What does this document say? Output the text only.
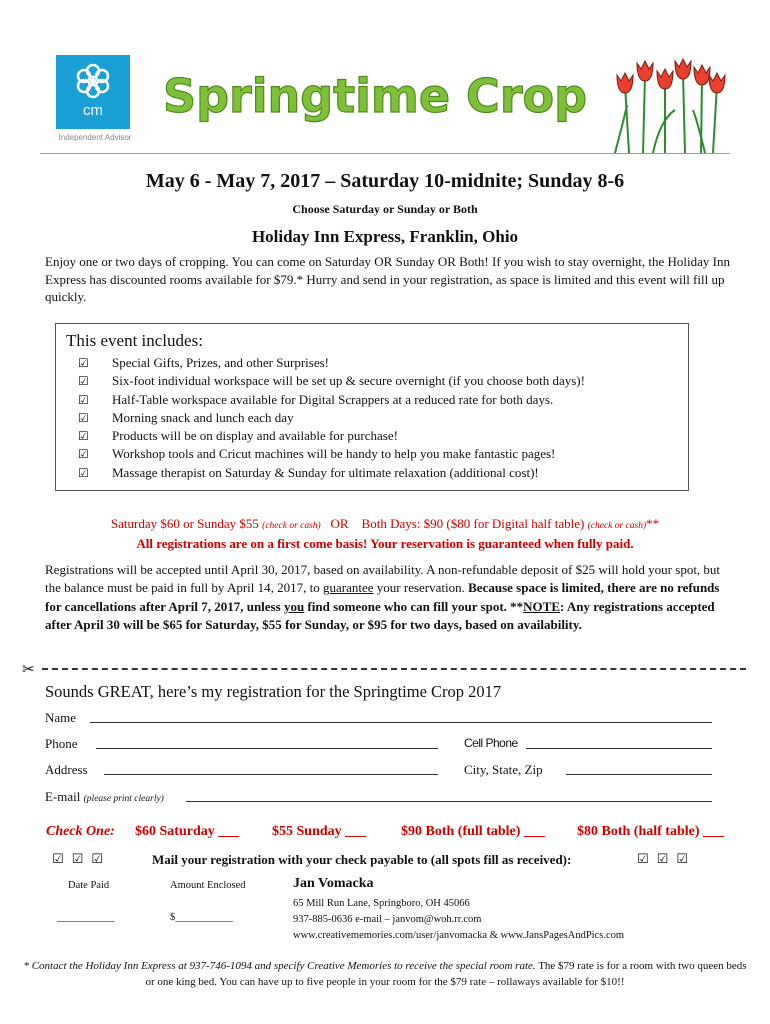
cm
Independent Advisor
Springtime Crop
May 6 - May 7, 2017 – Saturday 10-midnite; Sunday 8-6
Choose Saturday or Sunday or Both
Holiday Inn Express, Franklin, Ohio
Enjoy one or two days of cropping. You can come on Saturday OR Sunday OR Both! If you wish to stay overnight, the Holiday Inn Express has discounted rooms available for $79.* Hurry and send in your registration, as space is limited and this event will fill up quickly.
This event includes:
☑	Special Gifts, Prizes, and other Surprises!
☑	Six-foot individual workspace will be set up & secure overnight (if you choose both days)!
☑	Half-Table workspace available for Digital Scrappers at a reduced rate for both days.
☑	Morning snack and lunch each day
☑	Products will be on display and available for purchase!
☑	Workshop tools and Cricut machines will be handy to help you make fantastic pages!
☑	Massage therapist on Saturday & Sunday for ultimate relaxation (additional cost)!
Saturday $60 or Sunday $55 (check or cash) OR Both Days: $90 ($80 for Digital half table) (check or cash)**
All registrations are on a first come basis! Your reservation is guaranteed when fully paid.
Registrations will be accepted until April 30, 2017, based on availability. A non-refundable deposit of $25 will hold your spot, but the balance must be paid in full by April 14, 2017, to guarantee your reservation. Because space is limited, there are no refunds for cancellations after April 7, 2017, unless you find someone who can fill your spot. **NOTE: Any registrations accepted after April 30 will be $65 for Saturday, $55 for Sunday, or $95 for two days, based on availability.
✂
Sounds GREAT, here’s my registration for the Springtime Crop 2017
Name
Phone	Cell Phone
Address	City, State, Zip
E-mail (please print clearly)
Check One: $60 Saturday ___ $55 Sunday ___ $90 Both (full table) ___ $80 Both (half table) ___
☑☑☑	Mail your registration with your check payable to (all spots fill as received):	☑☑☑
Date Paid	Amount Enclosed
___________	$___________
Jan Vomacka
65 Mill Run Lane, Springboro, OH 45066
937-885-0636 e-mail – janvom@woh.rr.com
www.creativememories.com/user/janvomacka & www.JansPagesAndPics.com
* Contact the Holiday Inn Express at 937-746-1094 and specify Creative Memories to receive the special room rate. The $79 rate is for a room with two queen beds or one king bed. You can have up to five people in your room for the $79 rate – rollaways available for $10!!
